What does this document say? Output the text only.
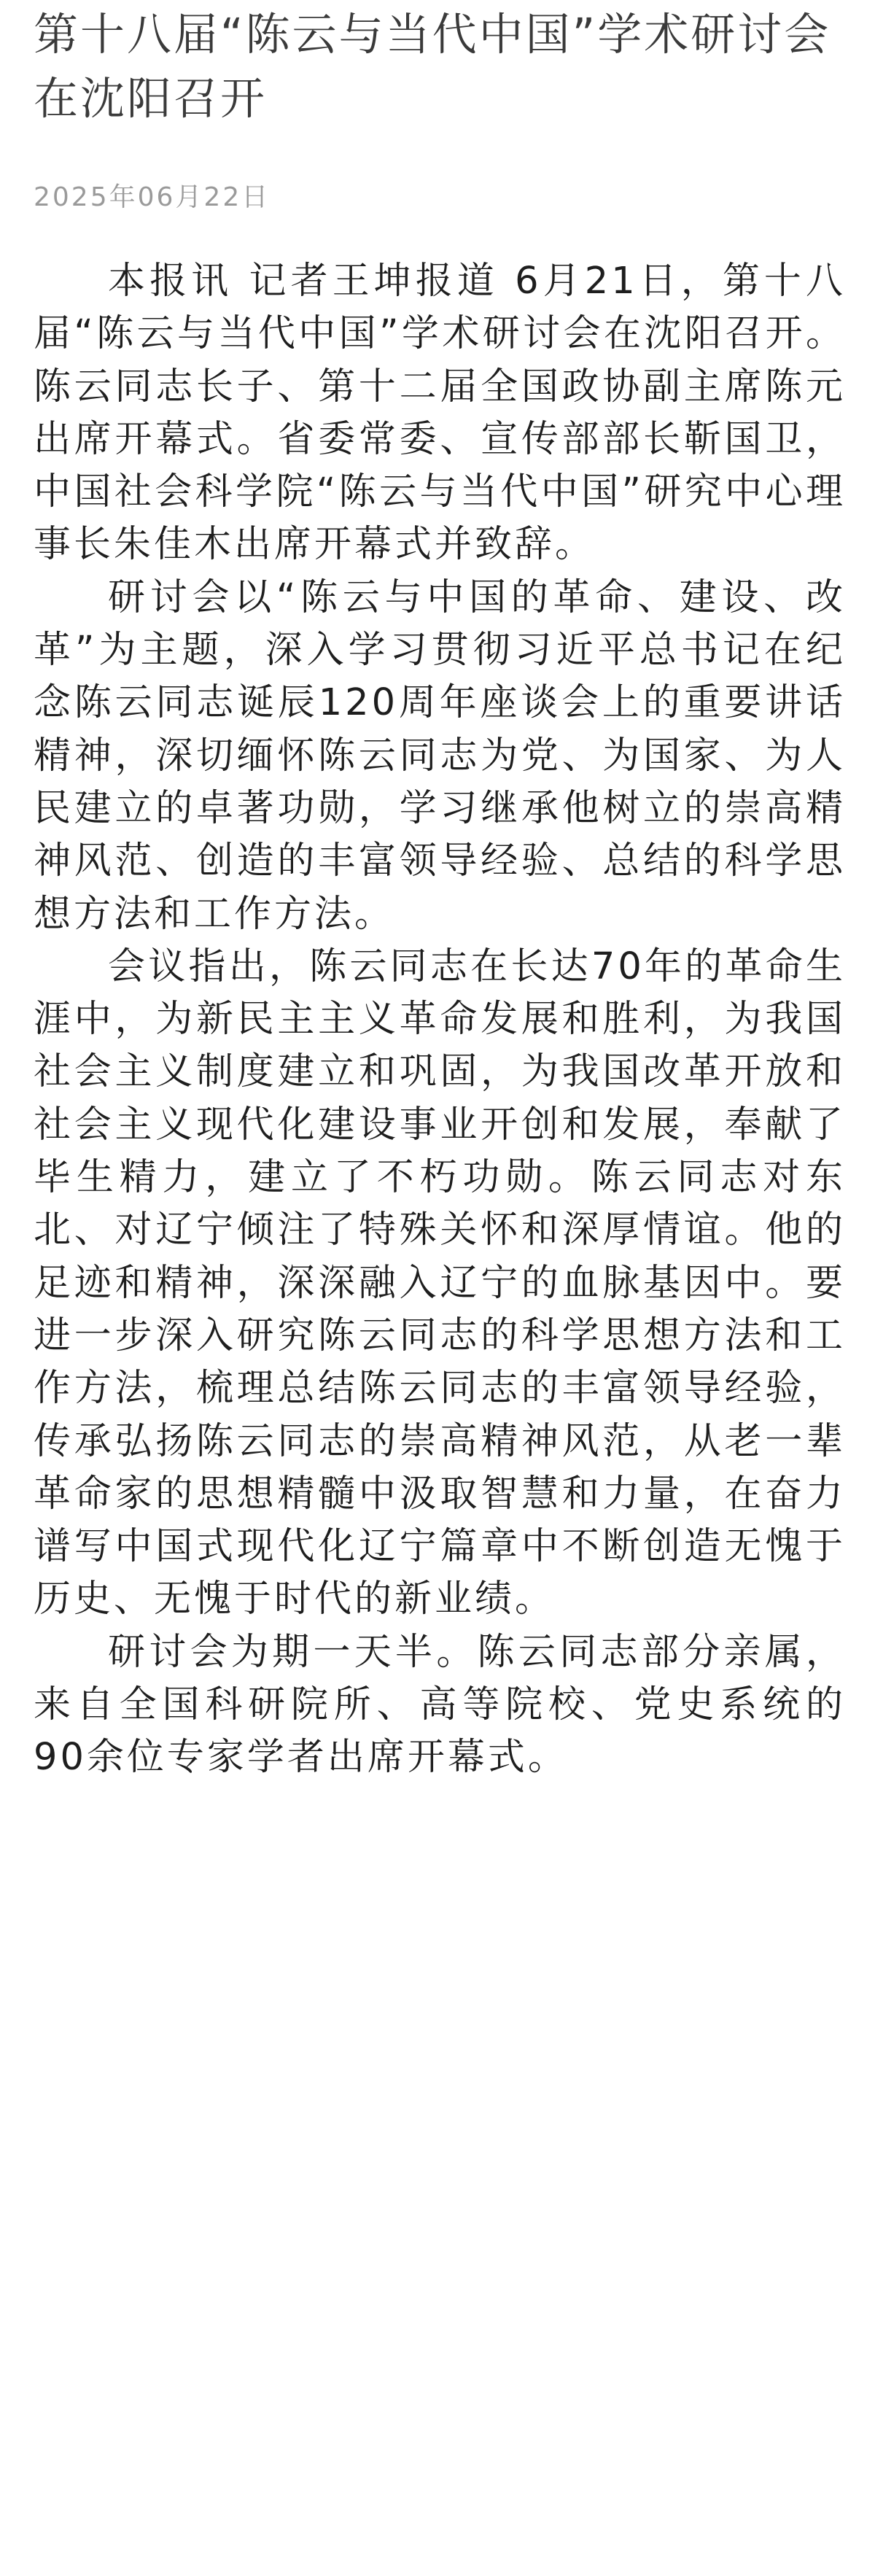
第十八届“陈云与当代中国”学术研讨会在沈阳召开
2025年06月22日

本报讯 记者王坤报道 6月21日，第十八届“陈云与当代中国”学术研讨会在沈阳召开。陈云同志长子、第十二届全国政协副主席陈元出席开幕式。省委常委、宣传部部长靳国卫，中国社会科学院“陈云与当代中国”研究中心理事长朱佳木出席开幕式并致辞。

研讨会以“陈云与中国的革命、建设、改革”为主题，深入学习贯彻习近平总书记在纪念陈云同志诞辰120周年座谈会上的重要讲话精神，深切缅怀陈云同志为党、为国家、为人民建立的卓著功勋，学习继承他树立的崇高精神风范、创造的丰富领导经验、总结的科学思想方法和工作方法。

会议指出，陈云同志在长达70年的革命生涯中，为新民主主义革命发展和胜利，为我国社会主义制度建立和巩固，为我国改革开放和社会主义现代化建设事业开创和发展，奉献了毕生精力，建立了不朽功勋。陈云同志对东北、对辽宁倾注了特殊关怀和深厚情谊。他的足迹和精神，深深融入辽宁的血脉基因中。要进一步深入研究陈云同志的科学思想方法和工作方法，梳理总结陈云同志的丰富领导经验，传承弘扬陈云同志的崇高精神风范，从老一辈革命家的思想精髓中汲取智慧和力量，在奋力谱写中国式现代化辽宁篇章中不断创造无愧于历史、无愧于时代的新业绩。

研讨会为期一天半。陈云同志部分亲属，来自全国科研院所、高等院校、党史系统的90余位专家学者出席开幕式。
